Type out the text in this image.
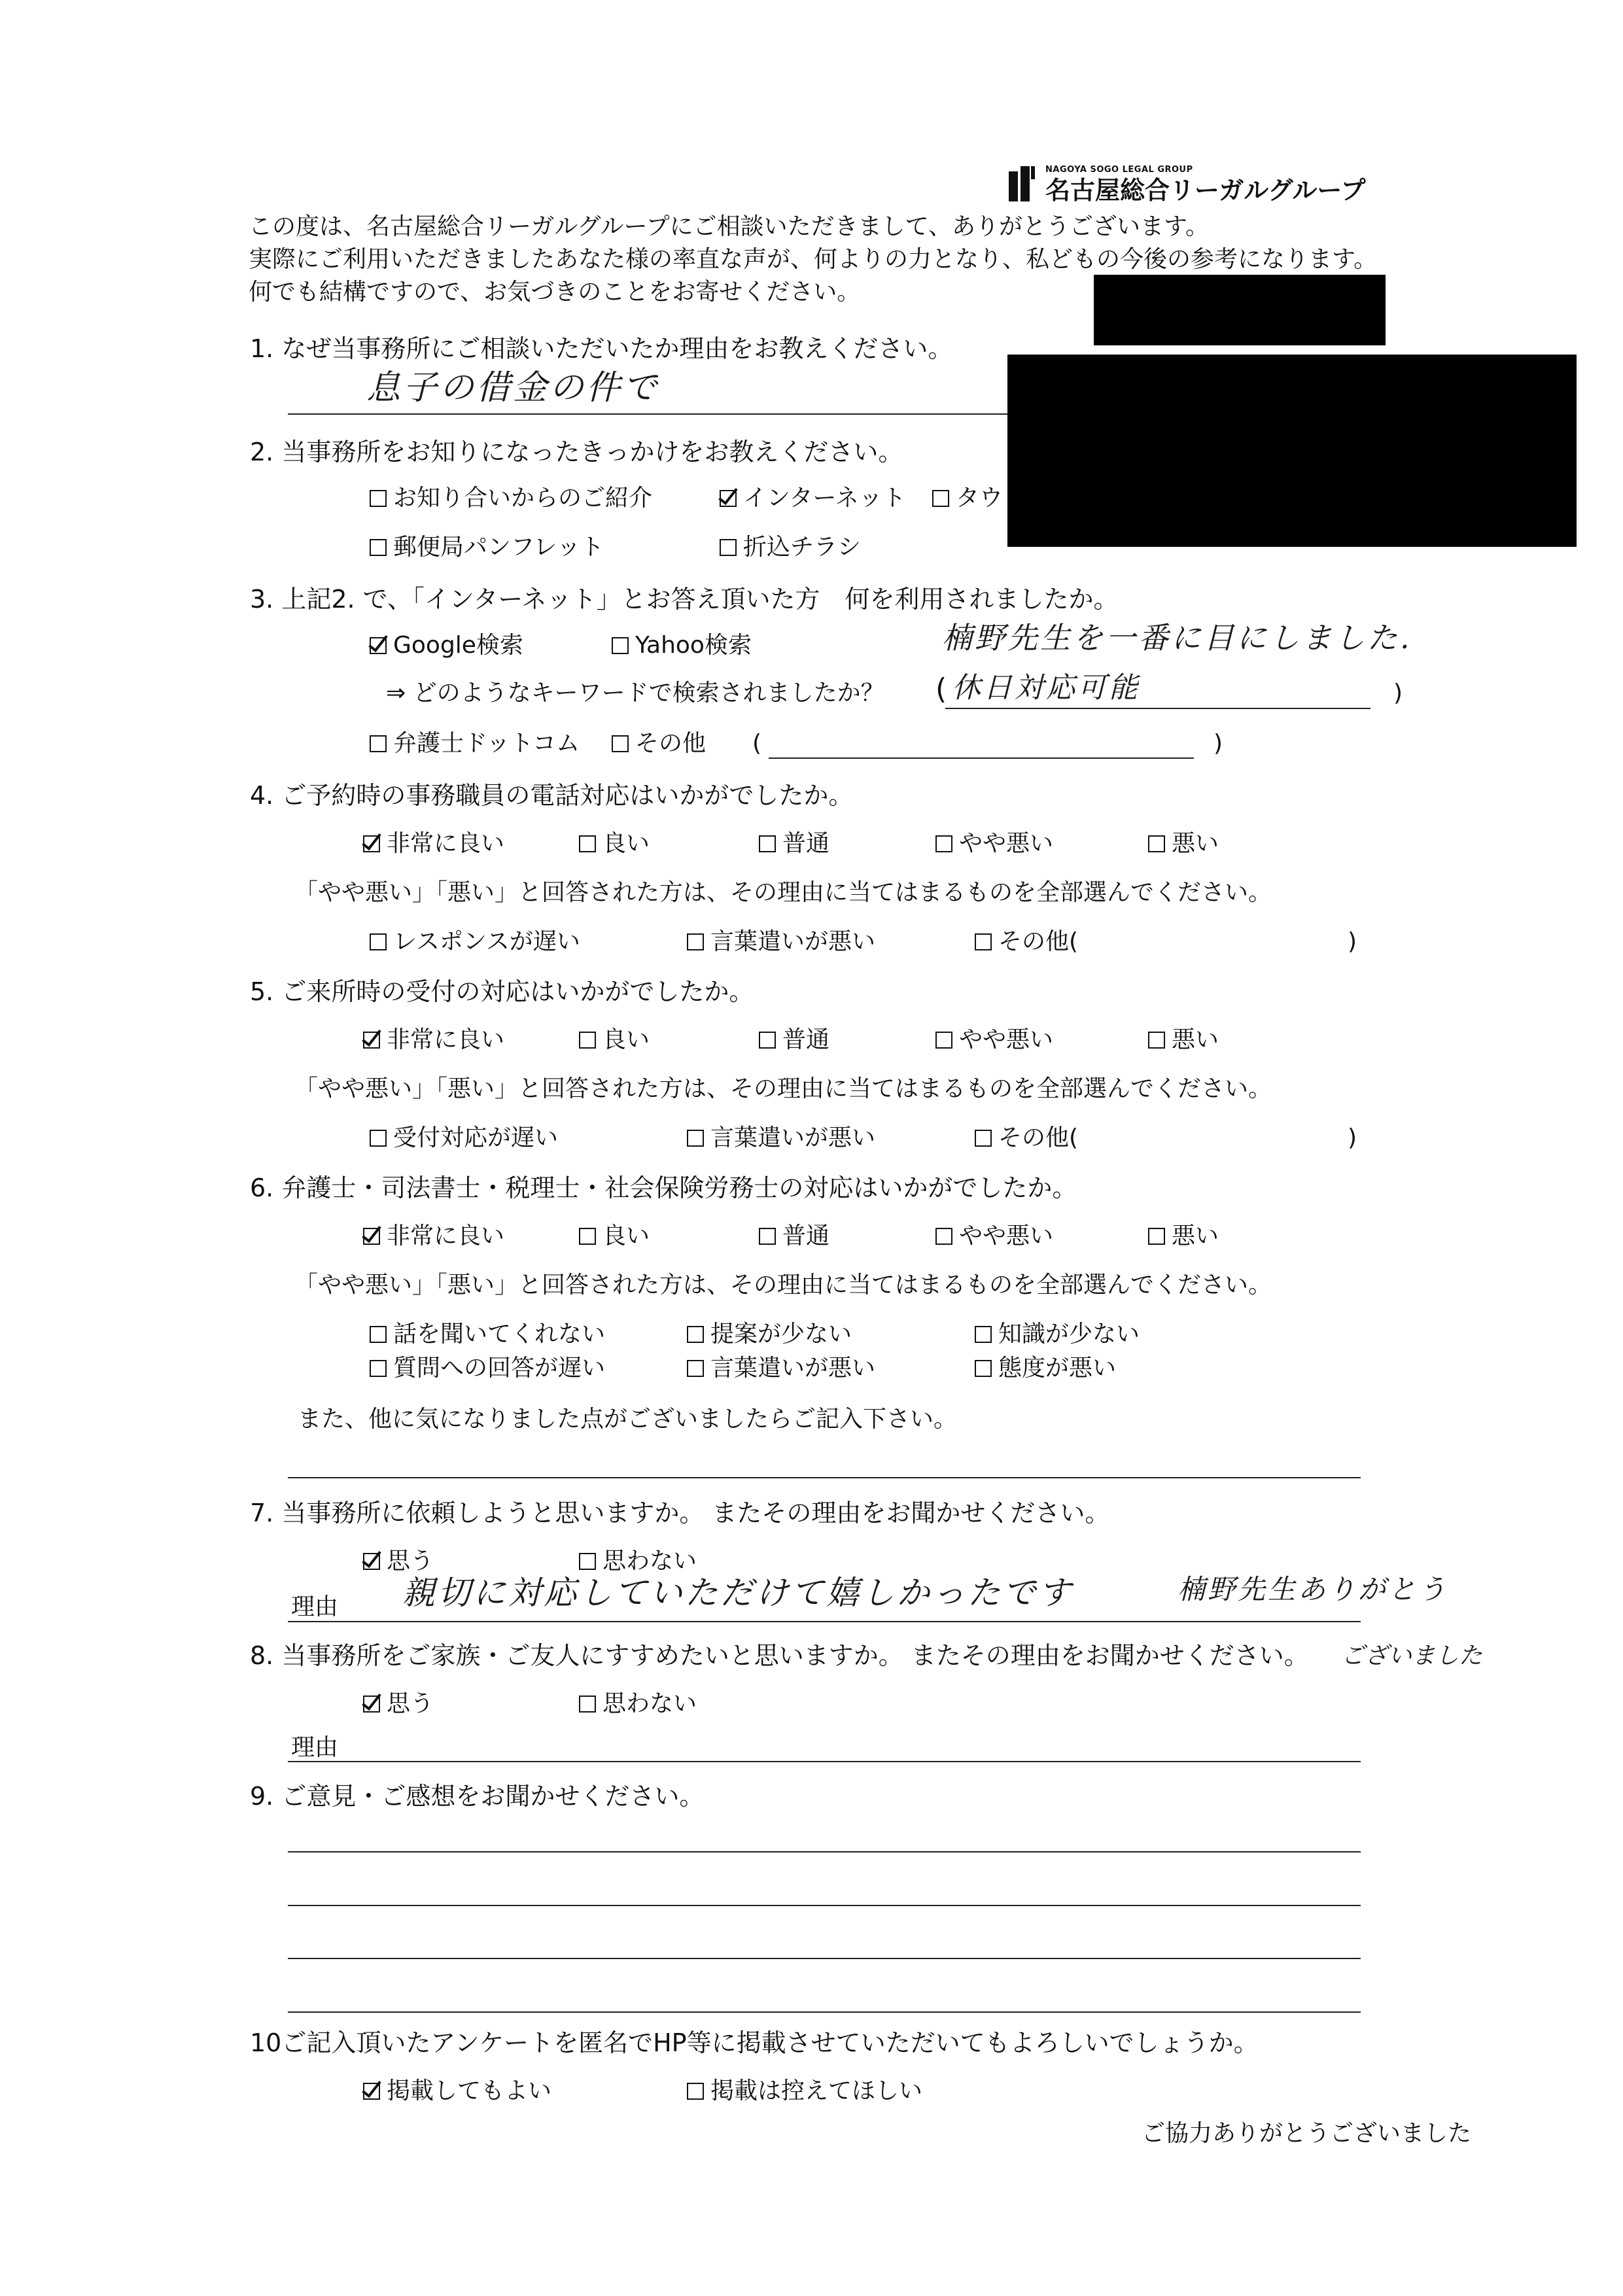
NAGOYA SOGO LEGAL GROUP
名古屋総合リーガルグループ
この度は、名古屋総合リーガルグループにご相談いただきまして、ありがとうございます。
実際にご利用いただきましたあなた様の率直な声が、何よりの力となり、私どもの今後の参考になります。
何でも結構ですので、お気づきのことをお寄せください。
1. なぜ当事務所にご相談いただいたか理由をお教えください。
息子の借金の件で
2. 当事務所をお知りになったきっかけをお教えください。
お知り合いからのご紹介	インターネット タウ
郵便局パンフレット	折込チラシ
3. 上記2. で、「インターネット」とお答え頂いた方　何を利用されましたか。
Google検索	Yahoo検索	楠野先生を一番に目にしました.
⇒ どのようなキーワードで検索されましたか？ ( 休日対応可能	)
弁護士ドットコム その他 (	)
4. ご予約時の事務職員の電話対応はいかがでしたか。
非常に良い	良い	普通	やや悪い	悪い
「やや悪い」「悪い」と回答された方は、その理由に当てはまるものを全部選んでください。
レスポンスが遅い	言葉遣いが悪い	その他(	)
5. ご来所時の受付の対応はいかがでしたか。
非常に良い	良い	普通	やや悪い	悪い
「やや悪い」「悪い」と回答された方は、その理由に当てはまるものを全部選んでください。
受付対応が遅い	言葉遣いが悪い	その他(	)
6. 弁護士・司法書士・税理士・社会保険労務士の対応はいかがでしたか。
非常に良い	良い	普通	やや悪い	悪い
「やや悪い」「悪い」と回答された方は、その理由に当てはまるものを全部選んでください。
話を聞いてくれない	提案が少ない	知識が少ない
質問への回答が遅い	言葉遣いが悪い	態度が悪い
また、他に気になりました点がございましたらご記入下さい。
7. 当事務所に依頼しようと思いますか。 またその理由をお聞かせください。
思う	思わない
理由 親切に対応していただけて嬉しかったです	楠野先生ありがとう
ございました
8. 当事務所をご家族・ご友人にすすめたいと思いますか。 またその理由をお聞かせください。
思う	思わない
理由
9. ご意見・ご感想をお聞かせください。
10ご記入頂いたアンケートを匿名でHP等に掲載させていただいてもよろしいでしょうか。
掲載してもよい	掲載は控えてほしい
ご協力ありがとうございました
